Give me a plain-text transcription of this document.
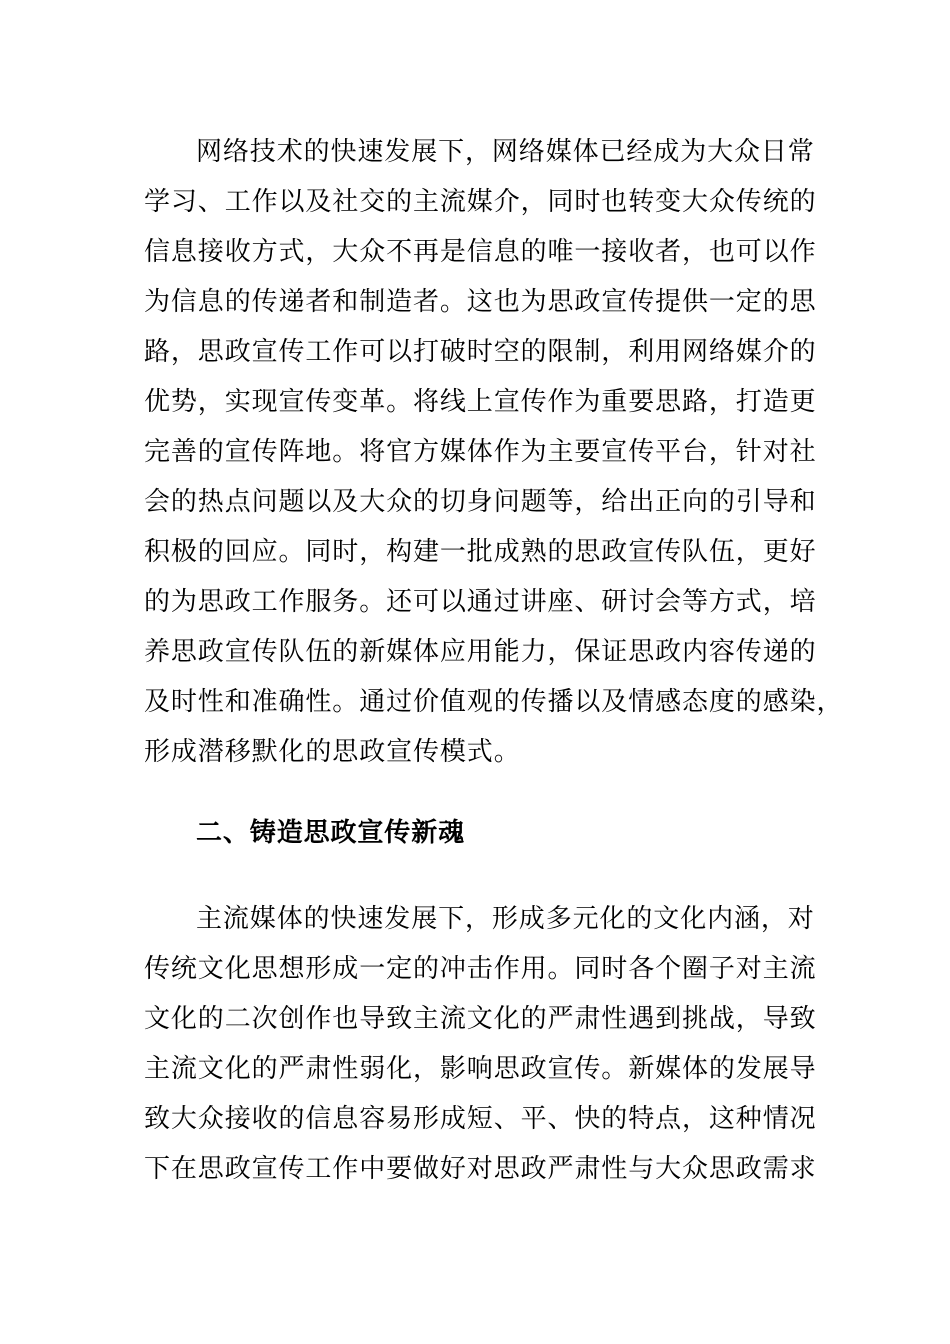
网络技术的快速发展下，网络媒体已经成为大众日常
学习、工作以及社交的主流媒介，同时也转变大众传统的
信息接收方式，大众不再是信息的唯一接收者，也可以作
为信息的传递者和制造者。这也为思政宣传提供一定的思
路，思政宣传工作可以打破时空的限制，利用网络媒介的
优势，实现宣传变革。将线上宣传作为重要思路，打造更
完善的宣传阵地。将官方媒体作为主要宣传平台，针对社
会的热点问题以及大众的切身问题等，给出正向的引导和
积极的回应。同时，构建一批成熟的思政宣传队伍，更好
的为思政工作服务。还可以通过讲座、研讨会等方式，培
养思政宣传队伍的新媒体应用能力，保证思政内容传递的
及时性和准确性。通过价值观的传播以及情感态度的感染，
形成潜移默化的思政宣传模式。
二、铸造思政宣传新魂
主流媒体的快速发展下，形成多元化的文化内涵，对
传统文化思想形成一定的冲击作用。同时各个圈子对主流
文化的二次创作也导致主流文化的严肃性遇到挑战，导致
主流文化的严肃性弱化，影响思政宣传。新媒体的发展导
致大众接收的信息容易形成短、平、快的特点，这种情况
下在思政宣传工作中要做好对思政严肃性与大众思政需求
